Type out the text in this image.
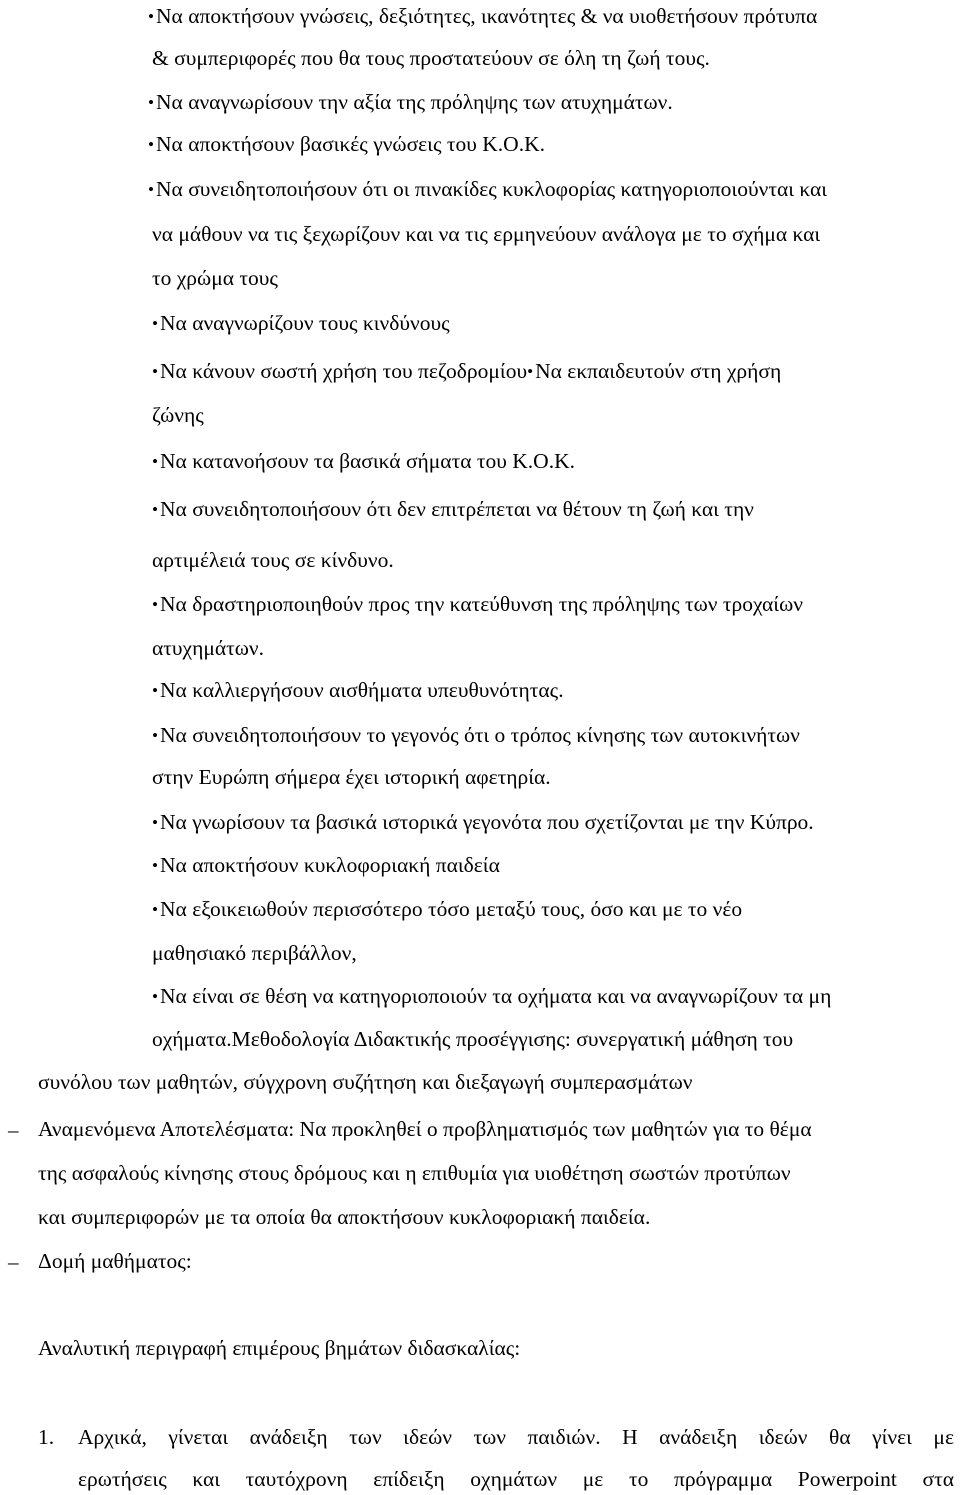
•Να αποκτήσουν γνώσεις, δεξιότητες, ικανότητες & να υιοθετήσουν πρότυπα
& συμπεριφορές που θα τους προστατεύουν σε όλη τη ζωή τους.
•Να αναγνωρίσουν την αξία της πρόληψης των ατυχημάτων.
•Να αποκτήσουν βασικές γνώσεις του Κ.Ο.Κ.
•Να συνειδητοποιήσουν ότι οι πινακίδες κυκλοφορίας κατηγοριοποιούνται και
να μάθουν να τις ξεχωρίζουν και να τις ερμηνεύουν ανάλογα με το σχήμα και
το χρώμα τους
•Να αναγνωρίζουν τους κινδύνους
•Να κάνουν σωστή χρήση του πεζοδρομίου•Να εκπαιδευτούν στη χρήση
ζώνης
•Να κατανοήσουν τα βασικά σήματα του Κ.Ο.Κ.
•Να συνειδητοποιήσουν ότι δεν επιτρέπεται να θέτουν τη ζωή και την
αρτιμέλειά τους σε κίνδυνο.
•Να δραστηριοποιηθούν προς την κατεύθυνση της πρόληψης των τροχαίων
ατυχημάτων.
•Να καλλιεργήσουν αισθήματα υπευθυνότητας.
•Να συνειδητοποιήσουν το γεγονός ότι ο τρόπος κίνησης των αυτοκινήτων
στην Ευρώπη σήμερα έχει ιστορική αφετηρία.
•Να γνωρίσουν τα βασικά ιστορικά γεγονότα που σχετίζονται με την Κύπρο.
•Να αποκτήσουν κυκλοφοριακή παιδεία
•Να εξοικειωθούν περισσότερο τόσο μεταξύ τους, όσο και με το νέο
μαθησιακό περιβάλλον,
•Να είναι σε θέση να κατηγοριοποιούν τα οχήματα και να αναγνωρίζουν τα μη
οχήματα.Μεθοδολογία Διδακτικής προσέγγισης: συνεργατική μάθηση του
συνόλου των μαθητών, σύγχρονη συζήτηση και διεξαγωγή συμπερασμάτων
– Αναμενόμενα Αποτελέσματα: Να προκληθεί ο προβληματισμός των μαθητών για το θέμα
της ασφαλούς κίνησης στους δρόμους και η επιθυμία για υιοθέτηση σωστών προτύπων
και συμπεριφορών με τα οποία θα αποκτήσουν κυκλοφοριακή παιδεία.
– Δομή μαθήματος:
Αναλυτική περιγραφή επιμέρους βημάτων διδασκαλίας:
1. Αρχικά, γίνεται ανάδειξη των ιδεών των παιδιών. Η ανάδειξη ιδεών θα γίνει με
ερωτήσεις και ταυτόχρονη επίδειξη οχημάτων με το πρόγραμμα Powerpoint στα
